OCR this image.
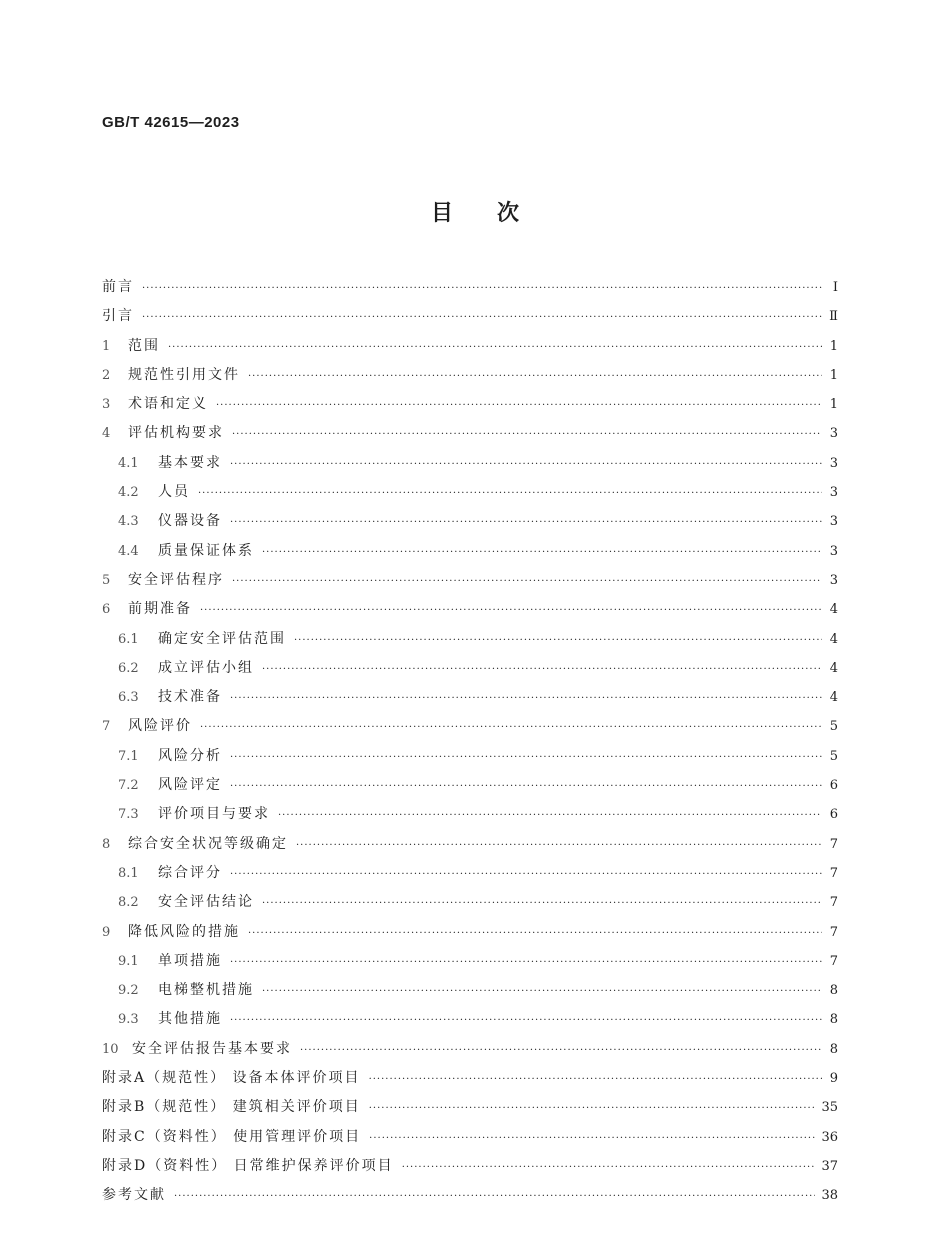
GB/T 42615—2023
目次
前言 ·····	Ⅰ
引言 ·····	Ⅱ
1	范围 ·····	1
2	规范性引用文件 ·····	1
3	术语和定义 ·····	1
4	评估机构要求 ·····	3
4.1	基本要求 ·····	3
4.2	人员 ·····	3
4.3	仪器设备 ·····	3
4.4	质量保证体系 ·····	3
5	安全评估程序 ·····	3
6	前期准备 ·····	4
6.1	确定安全评估范围 ·····	4
6.2	成立评估小组 ·····	4
6.3	技术准备 ·····	4
7	风险评价 ·····	5
7.1	风险分析 ·····	5
7.2	风险评定 ·····	6
7.3	评价项目与要求 ·····	6
8	综合安全状况等级确定 ·····	7
8.1	综合评分 ·····	7
8.2	安全评估结论 ·····	7
9	降低风险的措施 ·····	7
9.1	单项措施 ·····	7
9.2	电梯整机措施 ·····	8
9.3	其他措施 ·····	8
10 安全评估报告基本要求 ·····	8
附录A（规范性） 设备本体评价项目 ·····	9
附录B（规范性） 建筑相关评价项目 ·····	35
附录C（资料性） 使用管理评价项目 ·····	36
附录D（资料性） 日常维护保养评价项目 ·····	37
参考文献 ·····	38
